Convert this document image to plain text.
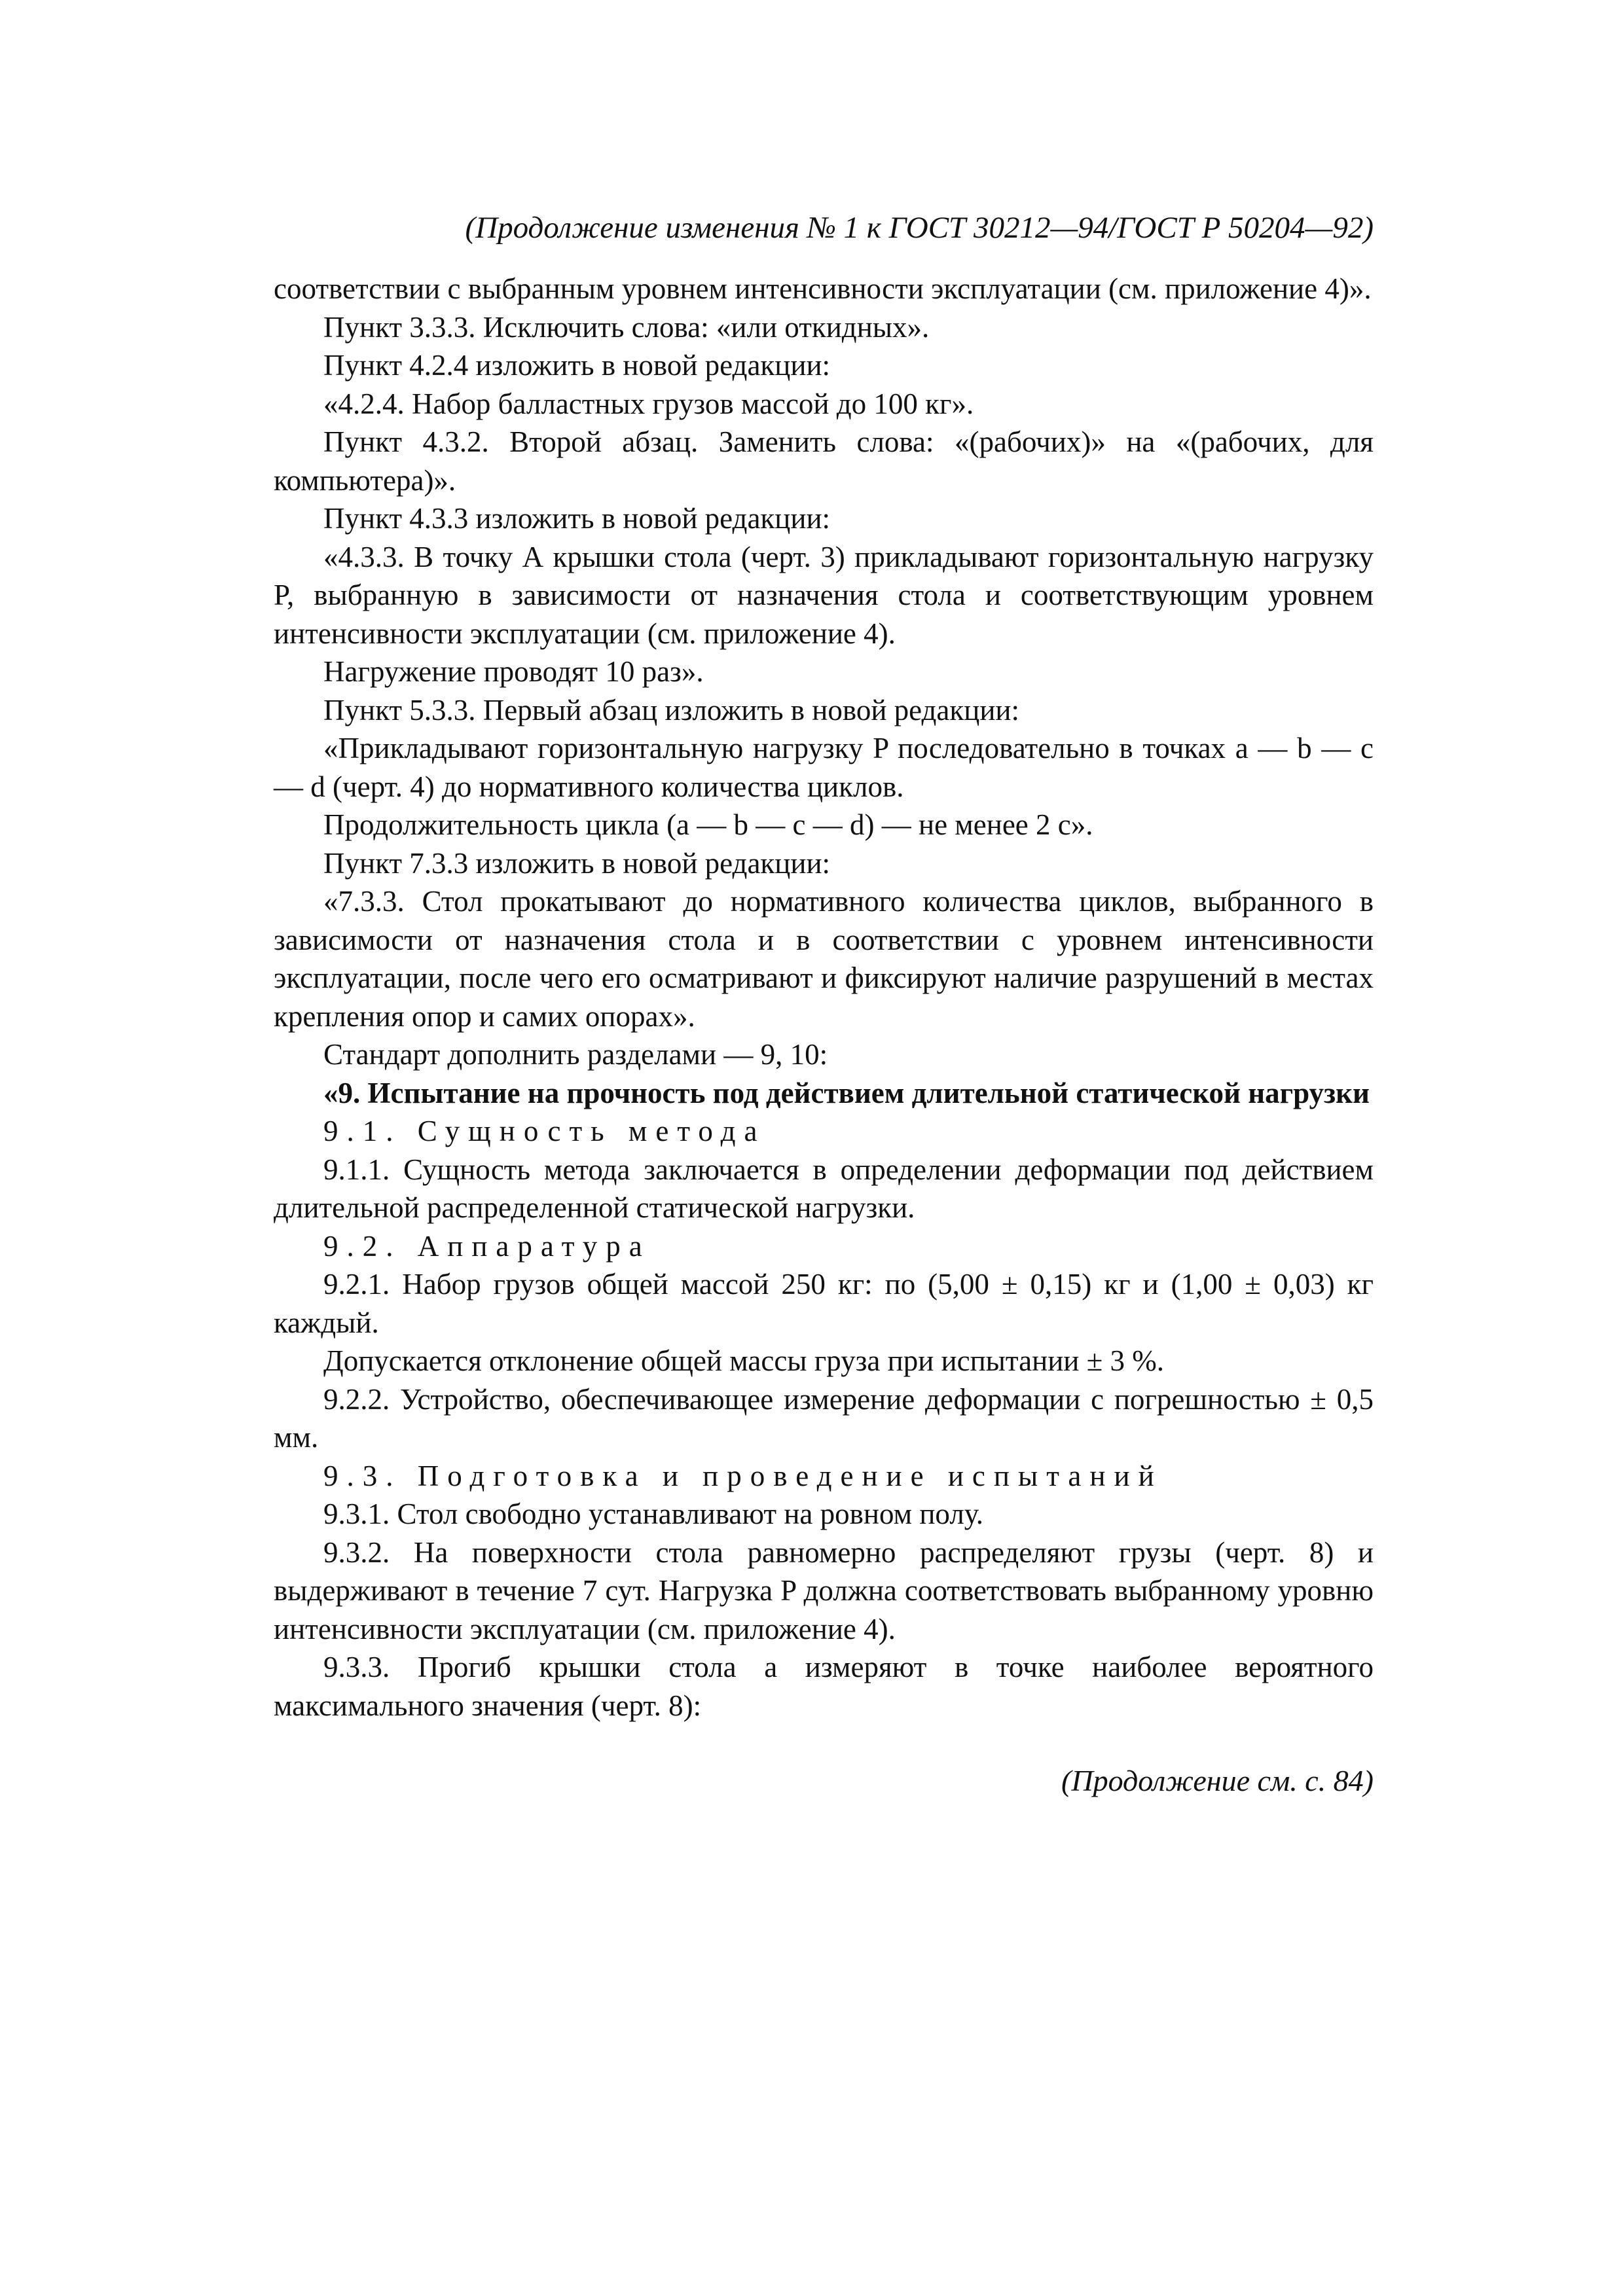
(Продолжение изменения № 1 к ГОСТ 30212—94/ГОСТ Р 50204—92)

соответствии с выбранным уровнем интенсивности эксплуатации (см. приложение 4)».

Пункт 3.3.3. Исключить слова: «или откидных».

Пункт 4.2.4 изложить в новой редакции:

«4.2.4. Набор балластных грузов массой до 100 кг».

Пункт 4.3.2. Второй абзац. Заменить слова: «(рабочих)» на «(рабочих, для компьютера)».

Пункт 4.3.3 изложить в новой редакции:

«4.3.3. В точку А крышки стола (черт. 3) прикладывают горизонтальную нагрузку P, выбранную в зависимости от назначения стола и соответствующим уровнем интенсивности эксплуатации (см. приложение 4).

Нагружение проводят 10 раз».

Пункт 5.3.3. Первый абзац изложить в новой редакции:

«Прикладывают горизонтальную нагрузку P последовательно в точках a — b — c — d (черт. 4) до нормативного количества циклов.

Продолжительность цикла (a — b — c — d) — не менее 2 с».

Пункт 7.3.3 изложить в новой редакции:

«7.3.3. Стол прокатывают до нормативного количества циклов, выбранного в зависимости от назначения стола и в соответствии с уровнем интенсивности эксплуатации, после чего его осматривают и фиксируют наличие разрушений в местах крепления опор и самих опорах».

Стандарт дополнить разделами — 9, 10:

«9. Испытание на прочность под действием длительной статической нагрузки

9.1. Сущность метода

9.1.1. Сущность метода заключается в определении деформации под действием длительной распределенной статической нагрузки.

9.2. Аппаратура

9.2.1. Набор грузов общей массой 250 кг: по (5,00 ± 0,15) кг и (1,00 ± 0,03) кг каждый.

Допускается отклонение общей массы груза при испытании ± 3 %.

9.2.2. Устройство, обеспечивающее измерение деформации с погрешностью ± 0,5 мм.

9.3. Подготовка и проведение испытаний

9.3.1. Стол свободно устанавливают на ровном полу.

9.3.2. На поверхности стола равномерно распределяют грузы (черт. 8) и выдерживают в течение 7 сут. Нагрузка P должна соответствовать выбранному уровню интенсивности эксплуатации (см. приложение 4).

9.3.3. Прогиб крышки стола a измеряют в точке наиболее вероятного максимального значения (черт. 8):

(Продолжение см. с. 84)
